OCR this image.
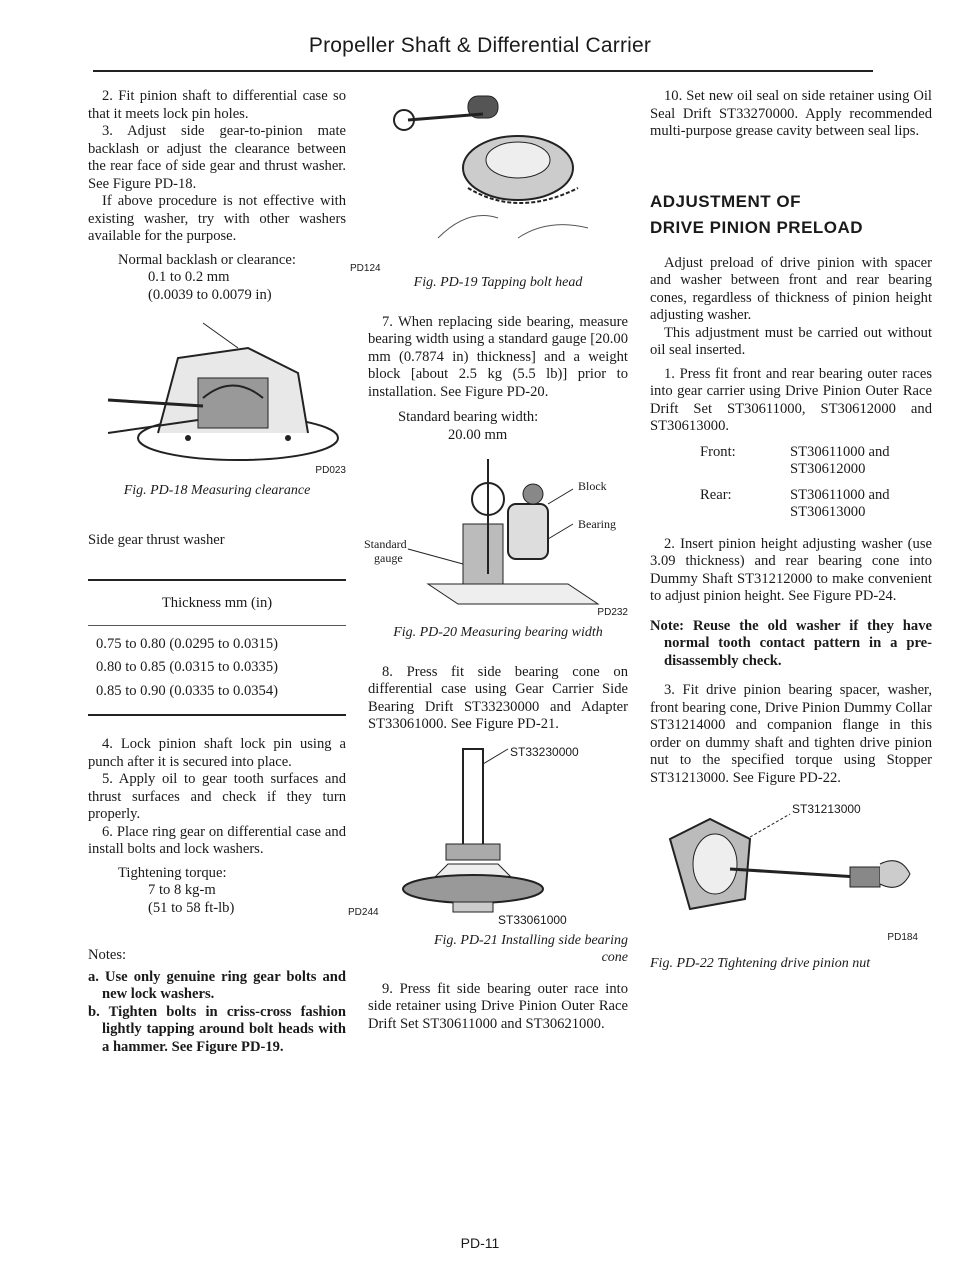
Propeller Shaft & Differential Carrier

2. Fit pinion shaft to differential case so that it meets lock pin holes.

3. Adjust side gear-to-pinion mate backlash or adjust the clearance between the rear face of side gear and thrust washer. See Figure PD-18.

If above procedure is not effective with existing washer, try with other washers available for the purpose.

Normal backlash or clearance:

0.1 to 0.2 mm

(0.0039 to 0.0079 in)

PD023

Fig. PD-18 Measuring clearance

Side gear thrust washer

Thickness mm (in)

0.75 to 0.80 (0.0295 to 0.0315)

0.80 to 0.85 (0.0315 to 0.0335)

0.85 to 0.90 (0.0335 to 0.0354)

4. Lock pinion shaft lock pin using a punch after it is secured into place.

5. Apply oil to gear tooth surfaces and thrust surfaces and check if they turn properly.

6. Place ring gear on differential case and install bolts and lock washers.

Tightening torque:

7 to 8 kg-m

(51 to 58 ft-lb)

Notes:

a. Use only genuine ring gear bolts and new lock washers.

b. Tighten bolts in criss-cross fashion lightly tapping around bolt heads with a hammer. See Figure PD-19.

PD124

Fig. PD-19 Tapping bolt head

7. When replacing side bearing, measure bearing width using a standard gauge [20.00 mm (0.7874 in) thickness] and a weight block [about 2.5 kg (5.5 lb)] prior to installation. See Figure PD-20.

Standard bearing width:

20.00 mm

Block
Bearing
Standard
gauge
PD232

Fig. PD-20 Measuring bearing width

8. Press fit side bearing cone on differential case using Gear Carrier Side Bearing Drift ST33230000 and Adapter ST33061000. See Figure PD-21.

ST33230000
ST33061000
PD244

Fig. PD-21 Installing side bearing

cone

9. Press fit side bearing outer race into side retainer using Drive Pinion Outer Race Drift Set ST30611000 and ST30621000.

10. Set new oil seal on side retainer using Oil Seal Drift ST33270000. Apply recommended multi-purpose grease cavity between seal lips.

ADJUSTMENT OF
DRIVE PINION PRELOAD

Adjust preload of drive pinion with spacer and washer between front and rear bearing cones, regardless of thickness of pinion height adjusting washer.

This adjustment must be carried out without oil seal inserted.

1. Press fit front and rear bearing outer races into gear carrier using Drive Pinion Outer Race Drift Set ST30611000, ST30612000 and ST30613000.

Front:	ST30611000 and
ST30612000
Rear:	ST30611000 and
ST30613000

2. Insert pinion height adjusting washer (use 3.09 thickness) and rear bearing cone into Dummy Shaft ST31212000 to make convenient to adjust pinion height. See Figure PD-24.

Note: Reuse the old washer if they have normal tooth contact pattern in a pre-disassembly check.

3. Fit drive pinion bearing spacer, washer, front bearing cone, Drive Pinion Dummy Collar ST31214000 and companion flange in this order on dummy shaft and tighten drive pinion nut to the specified torque using Stopper ST31213000. See Figure PD-22.

ST31213000
PD184

Fig. PD-22 Tightening drive pinion nut

PD-11
